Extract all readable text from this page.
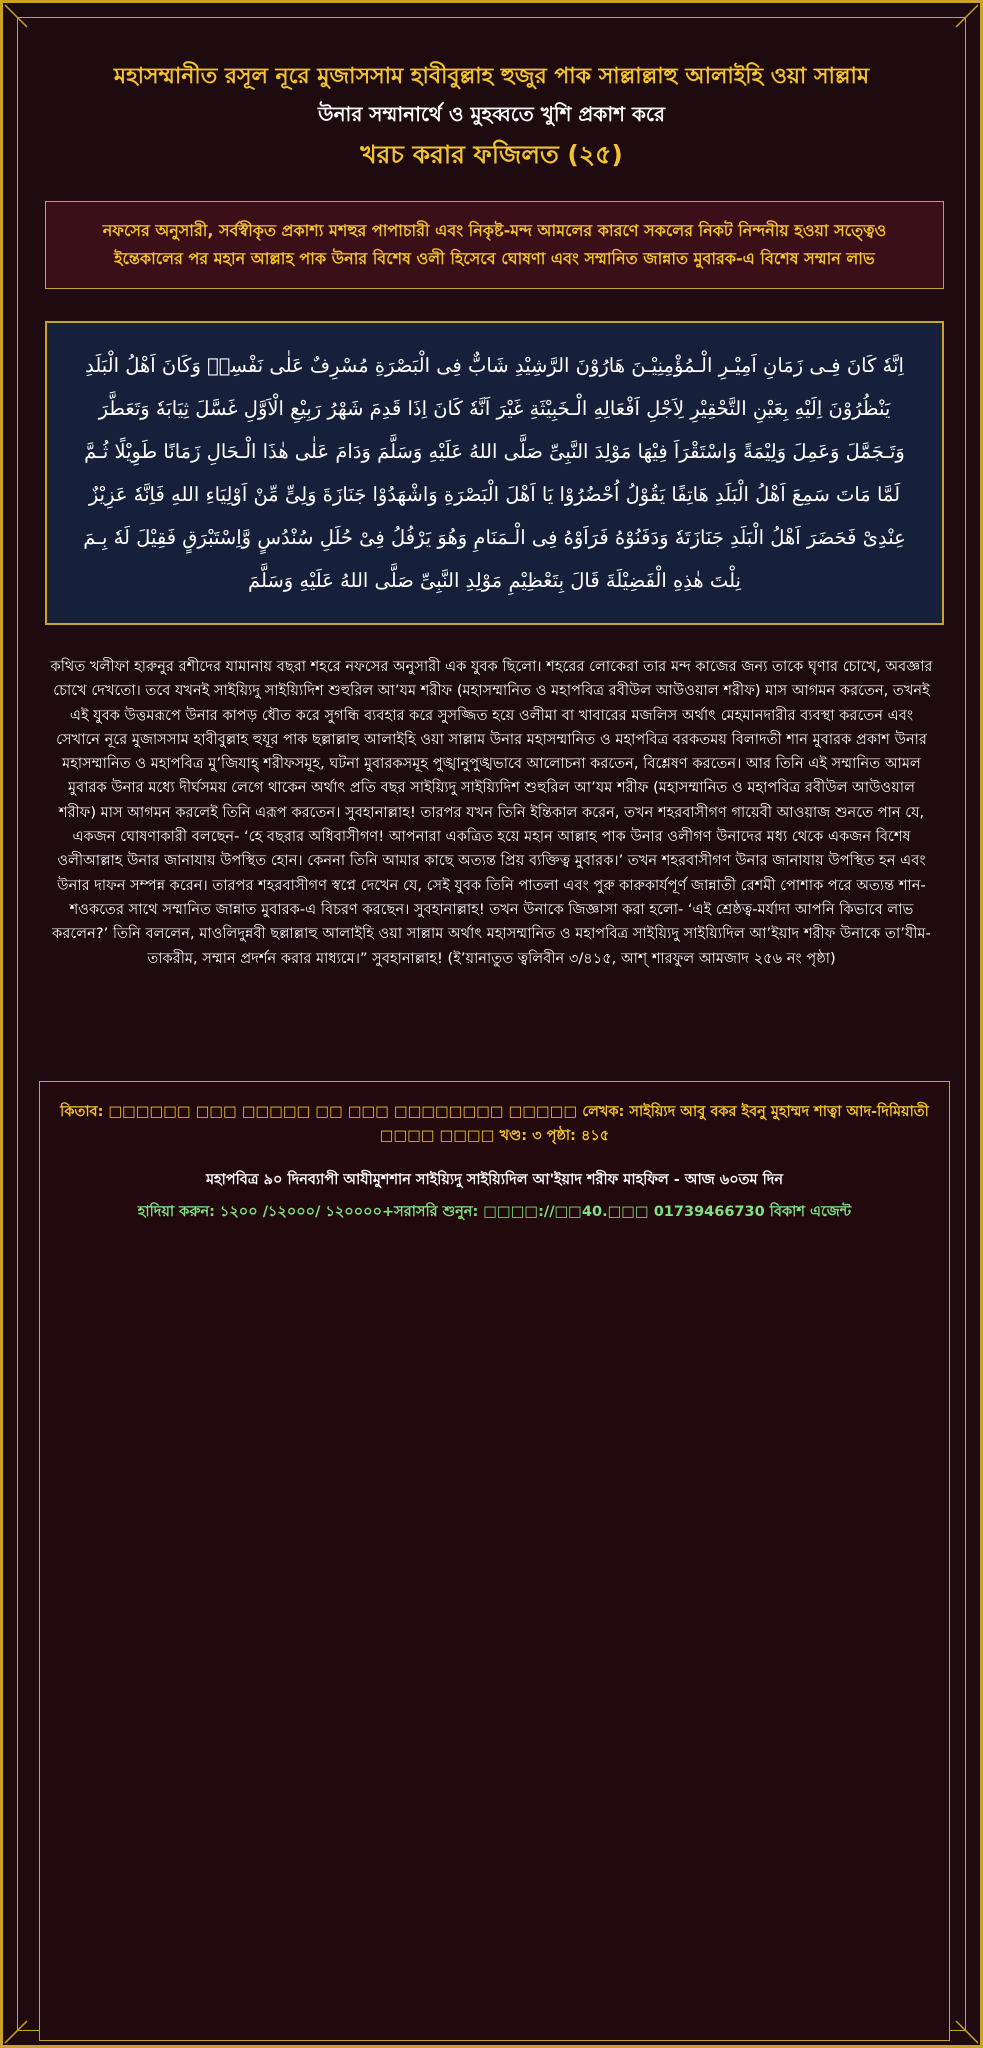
মহাসম্মানীত রসূল নূরে মুজাসসাম হাবীবুল্লাহ হুজুর পাক সাল্লাল্লাহু আলাইহি ওয়া সাল্লাম
উনার সম্মানার্থে ও মুহব্বতে খুশি প্রকাশ করে
খরচ করার ফজিলত (২৫)
নফসের অনুসারী, সর্বস্বীকৃত প্রকাশ্য মশহুর পাপাচারী এবং নিকৃষ্ট-মন্দ আমলের কারণে সকলের নিকট নিন্দনীয় হওয়া সত্ত্বেও ইন্তেকালের পর মহান আল্লাহ পাক উনার বিশেষ ওলী হিসেবে ঘোষণা এবং সম্মানিত জান্নাত মুবারক-এ বিশেষ সম্মান লাভ
اِنَّهٗ كَانَ فِـى زَمَانِ اَمِيْـرِ الْـمُؤْمِنِيْـنَ هَارُوْنَ الرَّشِيْدِ شَابٌّ فِى الْبَصْرَةِ مُسْرِفٌ عَلٰى نَفْسِهٖ وَكَانَ اَهْلُ الْبَلَدِ يَنْظُرُوْنَ اِلَيْهِ بِعَيْنِ التَّحْقِيْرِ لِاَجْلِ اَفْعَالِهِ الْـخَبِيْثَةِ غَيْرَ اَنَّهٗ كَانَ اِذَا قَدِمَ شَهْرُ رَبِيْعِ الْاَوَّلِ غَسَّلَ ثِيَابَهٗ وَتَعَطَّرَ وَتَـجَمَّلَ وَعَمِلَ وَلِيْمَةً وَاسْتَقْرَاَ فِيْهَا مَوْلِدَ النَّبِىِّ صَلَّى اللهُ عَلَيْهِ وَسَلَّمَ وَدَامَ عَلٰى هٰذَا الْـحَالِ زَمَانًا طَوِيْلًا ثُـمَّ لَمَّا مَاتَ سَمِعَ اَهْلُ الْبَلَدِ هَاتِفًا يَقُوْلُ اُحْضُرُوْا يَا اَهْلَ الْبَصْرَةِ وَاشْهَدُوْا جَنَازَةَ وَلِىٍّ مِّنْ اَوْلِيَاءِ اللهِ فَاِنَّهٗ عَزِيْزٌ عِنْدِىْ فَحَضَرَ اَهْلُ الْبَلَدِ جَنَازَتَهٗ وَدَفَنُوْهُ فَرَاَوْهُ فِى الْـمَنَامِ وَهُوَ يَرْفُلُ فِىْ حُلَلِ سُنْدُسٍ وَّاِسْتَبْرَقٍ فَقِيْلَ لَهٗ بِـمَ نِلْتَ هٰذِهِ الْفَضِيْلَةَ قَالَ بِتَعْظِيْمِ مَوْلِدِ النَّبِىِّ صَلَّى اللهُ عَلَيْهِ وَسَلَّمَ
কথিত খলীফা হারুনুর রশীদের যামানায় বছরা শহরে নফসের অনুসারী এক যুবক ছিলো। শহরের লোকেরা তার মন্দ কাজের জন্য তাকে ঘৃণার চোখে, অবজ্ঞার চোখে দেখতো। তবে যখনই সাইয়্যিদু সাইয়্যিদিশ শুহুরিল আ’যম শরীফ (মহাসম্মানিত ও মহাপবিত্র রবীউল আউওয়াল শরীফ) মাস আগমন করতেন, তখনই এই যুবক উত্তমরূপে উনার কাপড় ধৌত করে সুগন্ধি ব্যবহার করে সুসজ্জিত হয়ে ওলীমা বা খাবারের মজলিস অর্থাৎ মেহমানদারীর ব্যবস্থা করতেন এবং সেখানে নূরে মুজাসসাম হাবীবুল্লাহ হুযূর পাক ছল্লাল্লাহু আলাইহি ওয়া সাল্লাম উনার মহাসম্মানিত ও মহাপবিত্র বরকতময় বিলাদতী শান মুবারক প্রকাশ উনার মহাসম্মানিত ও মহাপবিত্র মু’জিযাহ্ শরীফসমূহ, ঘটনা মুবারকসমূহ পুঙ্খানুপুঙ্খভাবে আলোচনা করতেন, বিশ্লেষণ করতেন। আর তিনি এই সম্মানিত আমল মুবারক উনার মধ্যে দীর্ঘসময় লেগে থাকেন অর্থাৎ প্রতি বছর সাইয়্যিদু সাইয়্যিদিশ শুহুরিল আ’যম শরীফ (মহাসম্মানিত ও মহাপবিত্র রবীউল আউওয়াল শরীফ) মাস আগমন করলেই তিনি এরূপ করতেন। সুবহানাল্লাহ! তারপর যখন তিনি ইন্তিকাল করেন, তখন শহরবাসীগণ গায়েবী আওয়াজ শুনতে পান যে, একজন ঘোষণাকারী বলছেন- ‘হে বছরার অধিবাসীগণ! আপনারা একত্রিত হয়ে মহান আল্লাহ পাক উনার ওলীগণ উনাদের মধ্য থেকে একজন বিশেষ ওলীআল্লাহ উনার জানাযায় উপস্থিত হোন। কেননা তিনি আমার কাছে অত্যন্ত প্রিয় ব্যক্তিত্ব মুবারক।’ তখন শহরবাসীগণ উনার জানাযায় উপস্থিত হন এবং উনার দাফন সম্পন্ন করেন। তারপর শহরবাসীগণ স্বপ্নে দেখেন যে, সেই যুবক তিনি পাতলা এবং পুরু কারুকার্যপূর্ণ জান্নাতী রেশমী পোশাক পরে অত্যন্ত শান-শওকতের সাথে সম্মানিত জান্নাত মুবারক-এ বিচরণ করছেন। সুবহানাল্লাহ! তখন উনাকে জিজ্ঞাসা করা হলো- ‘এই শ্রেষ্ঠত্ব-মর্যাদা আপনি কিভাবে লাভ করলেন?’ তিনি বললেন, মাওলিদুন্নবী ছল্লাল্লাহু আলাইহি ওয়া সাল্লাম অর্থাৎ মহাসম্মানিত ও মহাপবিত্র সাইয়্যিদু সাইয়্যিদিল আ’ইয়াদ শরীফ উনাকে তা’যীম-তাকরীম, সম্মান প্রদর্শন করার মাধ্যমে।” সুবহানাল্লাহ! (ই’য়ানাতুত ত্বলিবীন ৩/৪১৫, আশ্ শারফুল আমজাদ ২৫৬ নং পৃষ্ঠা)
কিতাব: □□□□□□ □□□ □□□□□ □□ □□□ □□□□□□□□ □□□□□ লেখক: সাইয়্যিদ আবু বকর ইবনু মুহাম্মদ শাত্বা আদ-দিমিয়াতী □□□□ □□□□ খণ্ড: ৩ পৃষ্ঠা: ৪১৫
মহাপবিত্র ৯০ দিনব্যাপী আযীমুশশান সাইয়্যিদু সাইয়্যিদিল আ'ইয়াদ শরীফ মাহফিল - আজ ৬০তম দিন
হাদিয়া করুন: ১২০০ /১২০০০/ ১২০০০০+সরাসরি শুনুন: □□□□://□□40.□□□ 01739466730 বিকাশ এজেন্ট
